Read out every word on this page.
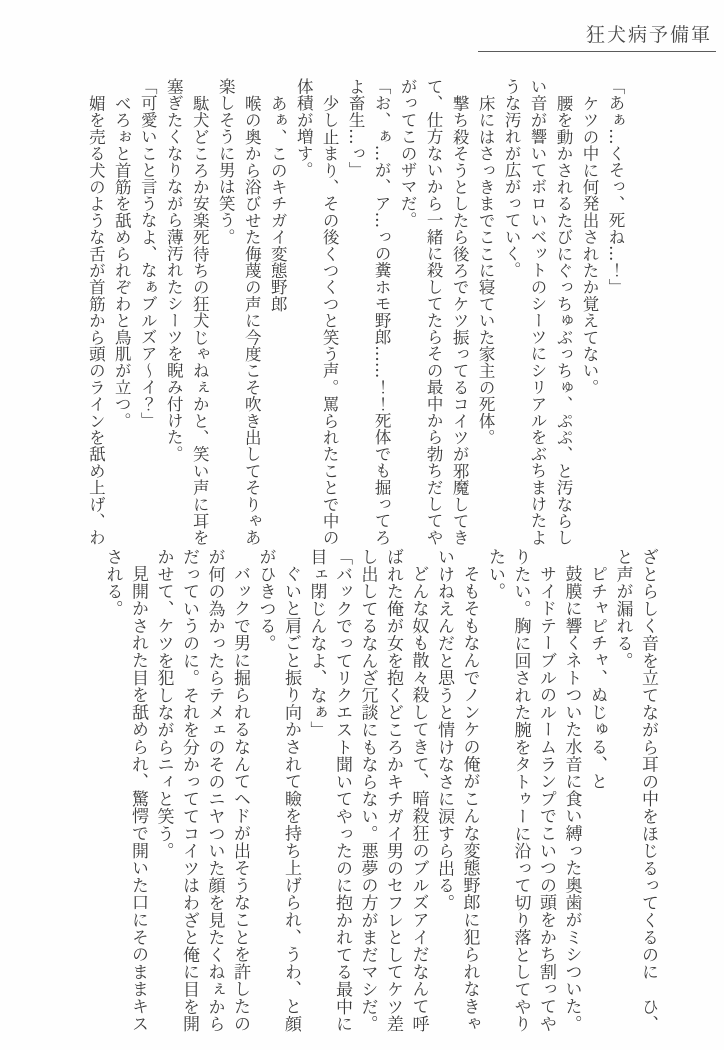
狂犬病予備軍

「あぁ…くそっ、死ね…！」

ケツの中に何発出されたか覚えてない。

腰を動かされるたびにぐっちゅぶっちゅ、ぷぷ、と汚ならしい音が響いてボロいベットのシーツにシリアルをぶちまけたような汚れが広がっていく。

床にはさっきまでここに寝ていた家主の死体。

撃ち殺そうとしたら後ろでケツ振ってるコイツが邪魔してきて、仕方ないから一緒に殺してたらその最中から勃ちだしてやがってこのザマだ。

「お、ぁ…が、ア…っの糞ホモ野郎……！！死体でも掘ってろよ畜生…っ」

少し止まり、その後くつくつと笑う声。罵られたことで中の体積が増す。

あぁ、このキチガイ変態野郎

喉の奥から浴びせた侮蔑の声に今度こそ吹き出してそりゃあ楽しそうに男は笑う。

駄犬どころか安楽死待ちの狂犬じゃねぇかと、笑い声に耳を塞ぎたくなりながら薄汚れたシーツを睨み付けた。

「可愛いこと言うなよ、なぁブルズア～イ？」

べろぉと首筋を舐められぞわと鳥肌が立つ。

媚を売る犬のような舌が首筋から頭のラインを舐め上げ、わ

ざとらしく音を立てながら耳の中をほじるってくるのに　ひ、と声が漏れる。

ピチャピチャ、ぬじゅる、と

鼓膜に響くネトついた水音に食い縛った奥歯がミシついた。

サイドテーブルのルームランプでこいつの頭をかち割ってやりたい。胸に回された腕をタトゥーに沿って切り落としてやりたい。

そもそもなんでノンケの俺がこんな変態野郎に犯られなきゃいけねえんだと思うと情けなさに涙すら出る。

どんな奴も散々殺してきて、暗殺狂のブルズアイだなんて呼ばれた俺が女を抱くどころかキチガイ男のセフレとしてケツ差し出してるなんざ冗談にもならない。悪夢の方がまだマシだ。

「バックでってリクエスト聞いてやったのに抱かれてる最中に目ェ閉じんなよ、なぁ」

ぐいと肩ごと振り向かされて瞼を持ち上げられ、うわ、と顔がひきつる。

バックで男に掘られるなんてヘドが出そうなことを許したのが何の為かったらテメェのそのニヤついた顔を見たくねぇからだっていうのに。それを分かっててコイツはわざと俺に目を開かせて、ケツを犯しながらニィと笑う。

見開かされた目を舐められ、驚愕で開いた口にそのままキスされる。
